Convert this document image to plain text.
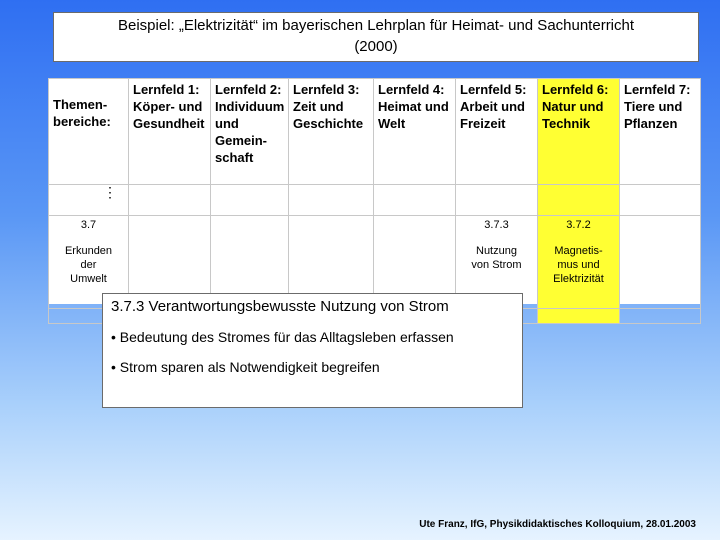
Beispiel: „Elektrizität“ im bayerischen Lehrplan für Heimat- und Sachunterricht
(2000)
Themen-
bereiche:	Lernfeld 1:
Köper- und
Gesundheit	Lernfeld 2:
Individuum
und
Gemein-
schaft	Lernfeld 3:
Zeit und
Geschichte	Lernfeld 4:
Heimat und
Welt	Lernfeld 5:
Arbeit und
Freizeit	Lernfeld 6:
Natur und
Technik	Lernfeld 7:
Tiere und
Pflanzen

⋮							

3.7
Erkunden
der
Umwelt					3.7.3
Nutzung
von Strom	3.7.2
Magnetis-
mus und
Elektrizität	

3.7.3 Verantwortungsbewusste Nutzung von Strom

• Bedeutung des Stromes für das Alltagsleben erfassen

• Strom sparen als Notwendigkeit begreifen

Ute Franz, IfG, Physikdidaktisches Kolloquium, 28.01.2003
